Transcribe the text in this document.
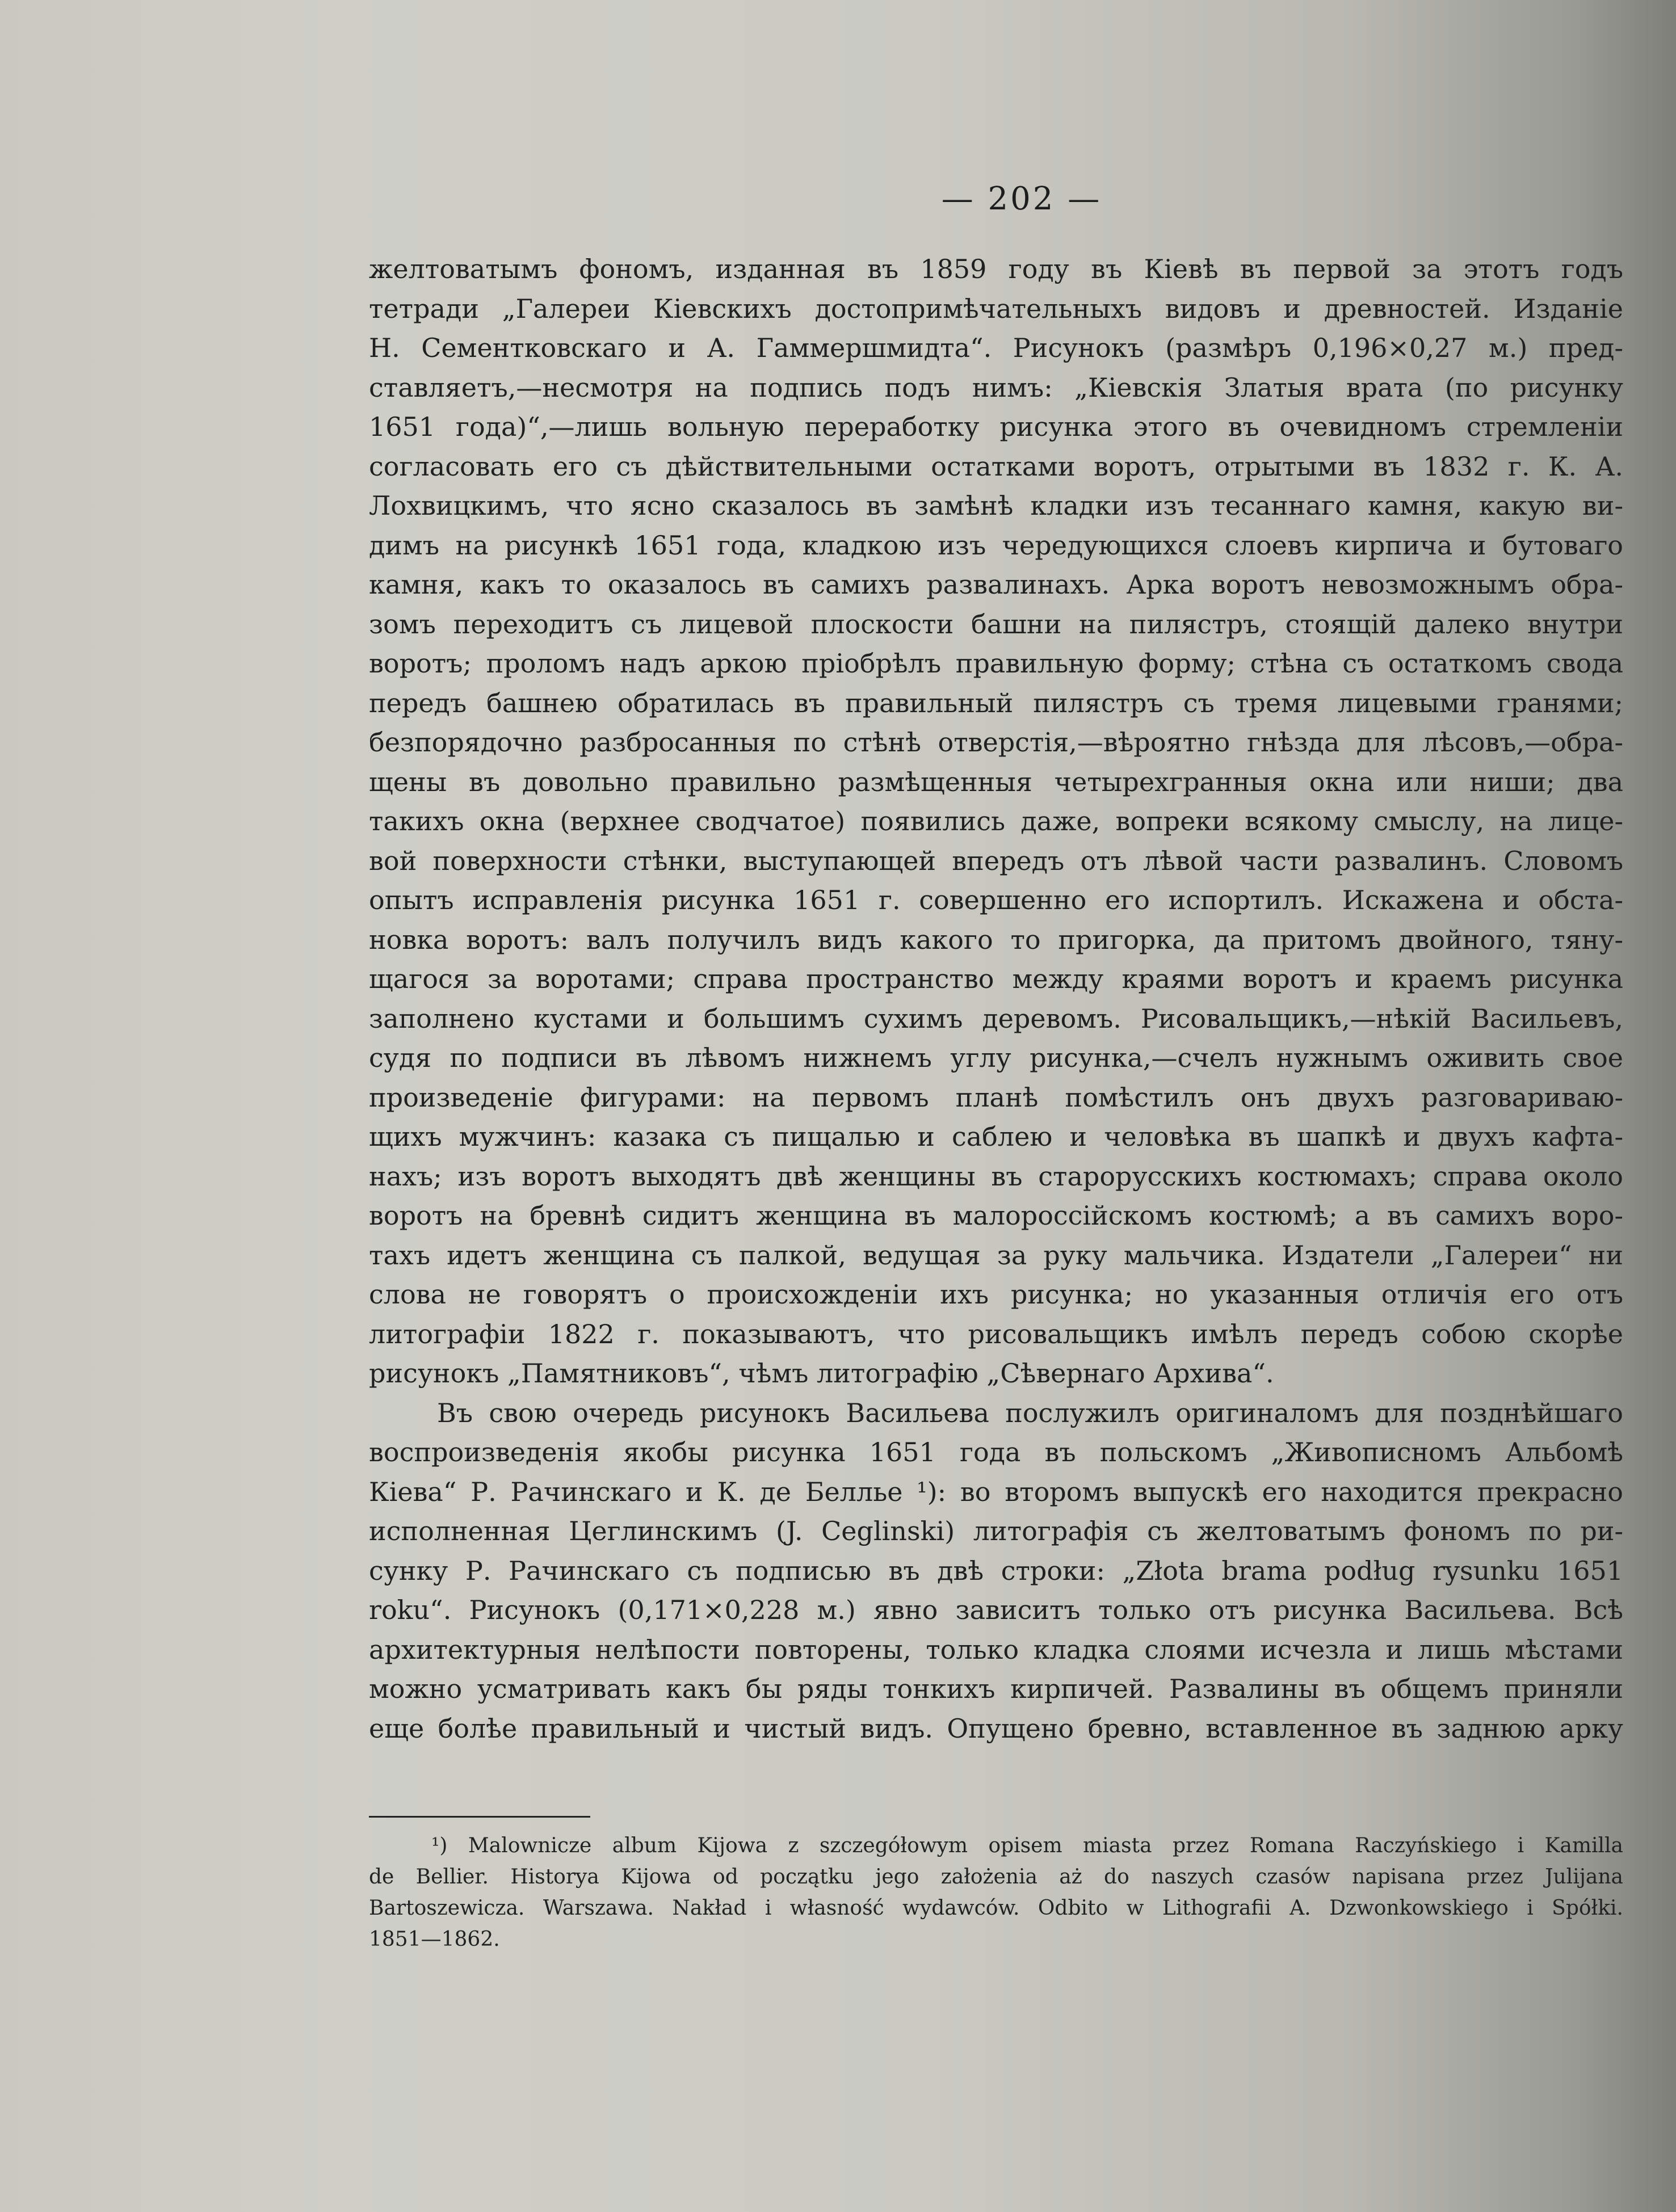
— 202 —
желтоватымъ фономъ, изданная въ 1859 году въ Кіевѣ въ первой за этотъ годъ
тетради „Галереи Кіевскихъ достопримѣчательныхъ видовъ и древностей. Изданіе
Н. Сементковскаго и А. Гаммершмидта“. Рисунокъ (размѣръ 0,196×0,27 м.) пред-
ставляетъ,—несмотря на подпись подъ нимъ: „Кіевскія Златыя врата (по рисунку
1651 года)“,—лишь вольную переработку рисунка этого въ очевидномъ стремленіи
согласовать его съ дѣйствительными остатками воротъ, отрытыми въ 1832 г. К. А.
Лохвицкимъ, что ясно сказалось въ замѣнѣ кладки изъ тесаннаго камня, какую ви-
димъ на рисункѣ 1651 года, кладкою изъ чередующихся слоевъ кирпича и бутоваго
камня, какъ то оказалось въ самихъ развалинахъ. Арка воротъ невозможнымъ обра-
зомъ переходитъ съ лицевой плоскости башни на пилястръ, стоящій далеко внутри
воротъ; проломъ надъ аркою пріобрѣлъ правильную форму; стѣна съ остаткомъ свода
передъ башнею обратилась въ правильный пилястръ съ тремя лицевыми гранями;
безпорядочно разбросанныя по стѣнѣ отверстія,—вѣроятно гнѣзда для лѣсовъ,—обра-
щены въ довольно правильно размѣщенныя четырехгранныя окна или ниши; два
такихъ окна (верхнее сводчатое) появились даже, вопреки всякому смыслу, на лице-
вой поверхности стѣнки, выступающей впередъ отъ лѣвой части развалинъ. Словомъ
опытъ исправленія рисунка 1651 г. совершенно его испортилъ. Искажена и обста-
новка воротъ: валъ получилъ видъ какого то пригорка, да притомъ двойного, тяну-
щагося за воротами; справа пространство между краями воротъ и краемъ рисунка
заполнено кустами и большимъ сухимъ деревомъ. Рисовальщикъ,—нѣкій Васильевъ,
судя по подписи въ лѣвомъ нижнемъ углу рисунка,—счелъ нужнымъ оживить свое
произведеніе фигурами: на первомъ планѣ помѣстилъ онъ двухъ разговариваю-
щихъ мужчинъ: казака съ пищалью и саблею и человѣка въ шапкѣ и двухъ кафта-
нахъ; изъ воротъ выходятъ двѣ женщины въ старорусскихъ костюмахъ; справа около
воротъ на бревнѣ сидитъ женщина въ малороссійскомъ костюмѣ; а въ самихъ воро-
тахъ идетъ женщина съ палкой, ведущая за руку мальчика. Издатели „Галереи“ ни
слова не говорятъ о происхожденіи ихъ рисунка; но указанныя отличія его отъ
литографіи 1822 г. показываютъ, что рисовальщикъ имѣлъ передъ собою скорѣе
рисунокъ „Памятниковъ“, чѣмъ литографію „Сѣвернаго Архива“.
Въ свою очередь рисунокъ Васильева послужилъ оригиналомъ для позднѣйшаго
воспроизведенія якобы рисунка 1651 года въ польскомъ „Живописномъ Альбомѣ
Кіева“ Р. Рачинскаго и К. де Беллье ¹): во второмъ выпускѣ его находится прекрасно
исполненная Цеглинскимъ (J. Ceglinski) литографія съ желтоватымъ фономъ по ри-
сунку Р. Рачинскаго съ подписью въ двѣ строки: „Złota brama podług rysunku 1651
roku“. Рисунокъ (0,171×0,228 м.) явно зависитъ только отъ рисунка Васильева. Всѣ
архитектурныя нелѣпости повторены, только кладка слоями исчезла и лишь мѣстами
можно усматривать какъ бы ряды тонкихъ кирпичей. Развалины въ общемъ приняли
еще болѣе правильный и чистый видъ. Опущено бревно, вставленное въ заднюю арку
¹) Malownicze album Kijowa z szczegółowym opisem miasta przez Romana Raczyńskiego i Kamilla
de Bellier. Historya Kijowa od początku jego założenia aż do naszych czasów napisana przez Julijana
Bartoszewicza. Warszawa. Nakład i własność wydawców. Odbito w Lithografii A. Dzwonkowskiego i Spółki.
1851—1862.
